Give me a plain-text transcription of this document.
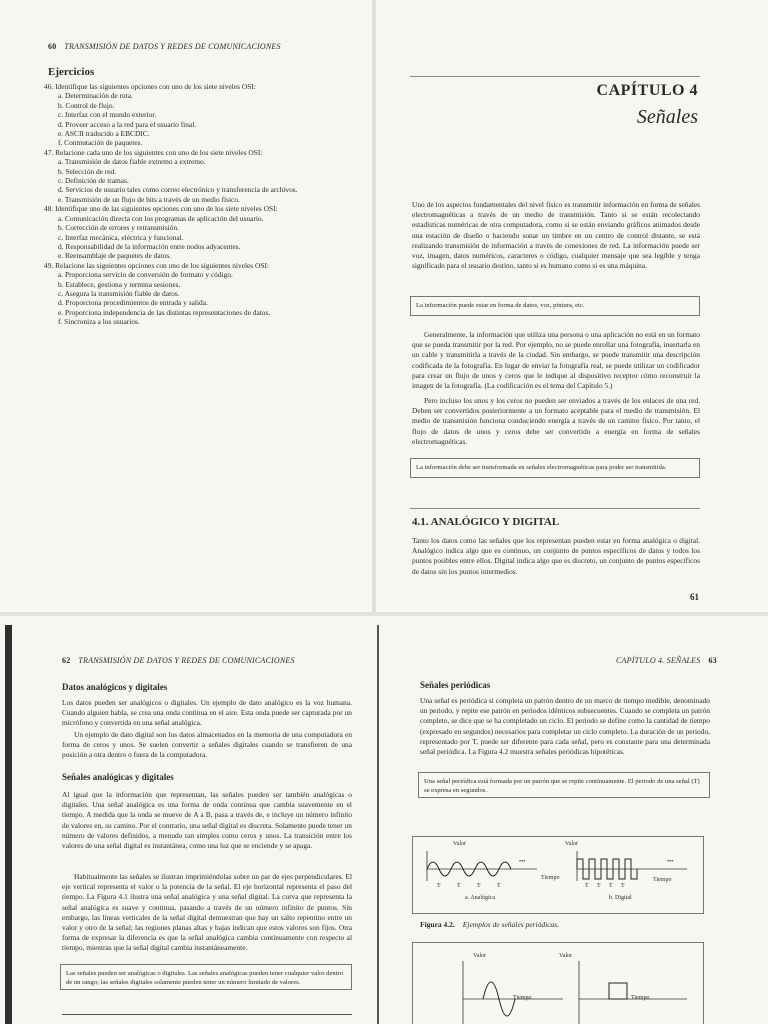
60 TRANSMISIÓN DE DATOS Y REDES DE COMUNICACIONES
Ejercicios
46. Identifique las siguientes opciones con uno de los siete niveles OSI:
a. Determinación de ruta.
b. Control de flujo.
c. Interfaz con el mundo exterior.
d. Proveer acceso a la red para el usuario final.
e. ASCII traducido a EBCDIC.
f. Conmutación de paquetes.
47. Relacione cada uno de los siguientes con uno de los siete niveles OSI:
a. Transmisión de datos fiable extremo a extremo.
b. Selección de red.
c. Definición de tramas.
d. Servicios de usuario tales como correo electrónico y transferencia de archivos.
e. Transmisión de un flujo de bits a través de un medio físico.
48. Identifique uno de las siguientes opciones con uno de los siete niveles OSI:
a. Comunicación directa con los programas de aplicación del usuario.
b. Corrección de errores y retransmisión.
c. Interfaz mecánica, eléctrica y funcional.
d. Responsabilidad de la información entre nodos adyacentes.
e. Reensamblaje de paquetes de datos.
49. Relacione las siguientes opciones con uno de los siguientes niveles OSI:
a. Proporciona servicio de conversión de formato y código.
b. Establece, gestiona y termina sesiones.
c. Asegura la transmisión fiable de datos.
d. Proporciona procedimientos de entrada y salida.
e. Proporciona independencia de las distintas representaciones de datos.
f. Sincroniza a los usuarios.
CAPÍTULO 4
Señales
Uno de los aspectos fundamentales del nivel físico es transmitir información en forma de señales electromagnéticas a través de un medio de transmisión. Tanto si se están recolectando estadísticas numéricas de otra computadora, como si se están enviando gráficos animados desde una estación de diseño o haciendo sonar un timbre en un centro de control distante, se está realizando transmisión de información a través de conexiones de red. La información puede ser voz, imagen, datos numéricos, caracteres o código, cualquier mensaje que sea legible y tenga significado para el usuario destino, tanto si es humano como si es una máquina.
La información puede estar en forma de datos, voz, pintura, etc.
Generalmente, la información que utiliza una persona o una aplicación no está en un formato que se pueda transmitir por la red. Por ejemplo, no se puede enrollar una fotografía, insertarla en un cable y transmitirla a través de la ciudad. Sin embargo, se puede transmitir una descripción codificada de la fotografía. En lugar de enviar la fotografía real, se puede utilizar un codificador para crear un flujo de unos y ceros que le indique al dispositivo receptor cómo reconstruir la imagen de la fotografía. (La codificación es el tema del Capítulo 5.)
Pero incluso los unos y los ceros no pueden ser enviados a través de los enlaces de una red. Deben ser convertidos posteriormente a un formato aceptable para el medio de transmisión. El medio de transmisión funciona conduciendo energía a través de un camino físico. Por tanto, el flujo de datos de unos y ceros debe ser convertido a energía en forma de señales electromagnéticas.
La información debe ser transformada en señales electromagnéticas para poder ser transmitida.
4.1. ANALÓGICO Y DIGITAL
Tanto los datos como las señales que los representan pueden estar en forma analógica o digital. Analógico indica algo que es continuo, un conjunto de puntos específicos de datos y todos los puntos posibles entre ellos. Digital indica algo que es discreto, un conjunto de puntos específicos de datos sin los puntos intermedios.
61
62 TRANSMISIÓN DE DATOS Y REDES DE COMUNICACIONES
Datos analógicos y digitales
Los datos pueden ser analógicos o digitales. Un ejemplo de dato analógico es la voz humana. Cuando alguien habla, se crea una onda continua en el aire. Esta onda puede ser capturada por un micrófono y convertida en una señal analógica.
Un ejemplo de dato digital son los datos almacenados en la memoria de una computadora en forma de ceros y unos. Se suelen convertir a señales digitales cuando se transfieren de una posición a otra dentro o fuera de la computadora.
Señales analógicas y digitales
Al igual que la información que representan, las señales pueden ser también analógicas o digitales. Una señal analógica es una forma de onda continua que cambia suavemente en el tiempo. A medida que la onda se mueve de A a B, pasa a través de, e incluye un número infinito de valores en, su camino. Por el contrario, una señal digital es discreta. Solamente puede tener un número de valores definidos, a menudo tan simples como ceros y unos. La transición entre los valores de una señal digital es instantánea, como una luz que se enciende y se apaga.
Habitualmente las señales se ilustran imprimiéndolas sobre un par de ejes perpendiculares. El eje vertical representa el valor o la potencia de la señal. El eje horizontal representa el paso del tiempo. La Figura 4.1 ilustra una señal analógica y una señal digital. La curva que representa la señal analógica es suave y continua, pasando a través de un número infinito de puntos. Sin embargo, las líneas verticales de la señal digital demuestran que hay un salto repentino entre un valor y otro de la señal; las regiones planas altas y bajas indican que estos valores son fijos. Otra forma de expresar la diferencia es que la señal analógica cambia continuamente con respecto al tiempo, mientras que la señal digital cambia instantáneamente.
Las señales pueden ser analógicas o digitales. Las señales analógicas pueden tener cualquier valor dentro de un rango; las señales digitales solamente pueden tener un número limitado de valores.
CAPÍTULO 4. SEÑALES 63
Señales periódicas
Una señal es periódica si completa un patrón dentro de un marco de tiempo medible, denominado un periodo, y repite ese patrón en periodos idénticos subsecuentes. Cuando se completa un patrón completo, se dice que se ha completado un ciclo. El periodo se define como la cantidad de tiempo (expresado en segundos) necesarios para completar un ciclo completo. La duración de un periodo, representado por T, puede ser diferente para cada señal, pero es constante para una determinada señal periódica. La Figura 4.2 muestra señales periódicas hipotéticas.
Una señal periódica está formada por un patrón que se repite continuamente. El periodo de una señal (T) se expresa en segundos.
Valor
•••
Tiempo
T	T	T	T
a. Analógica
Valor
•••
Tiempo
T T T T
b. Digital
Figura 4.2. Ejemplos de señales periódicas.
Valor	Valor
Tiempo	Tiempo
